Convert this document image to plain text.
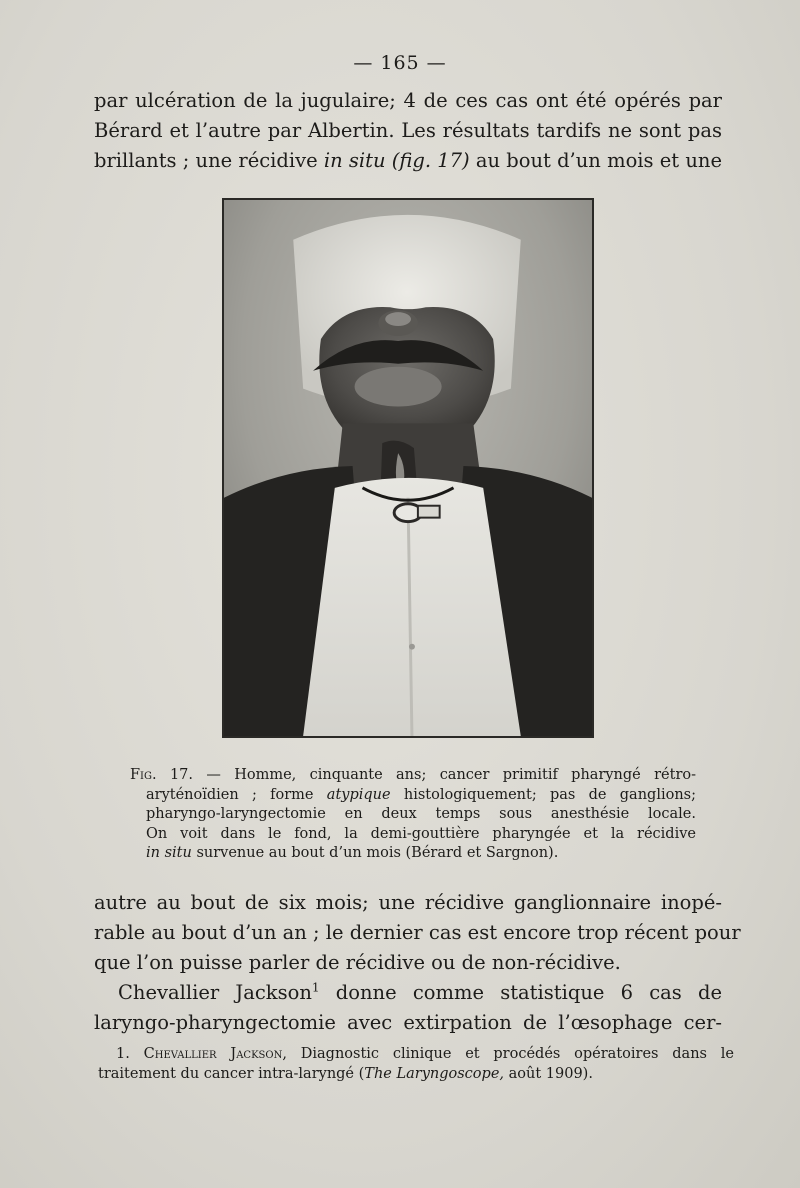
— 165 —
par ulcération de la jugulaire; 4 de ces cas ont été opérés par
Bérard et l’autre par Albertin. Les résultats tardifs ne sont pas
brillants ; une récidive in situ (fig. 17) au bout d’un mois et une
Fig. 17. — Homme, cinquante ans; cancer primitif pharyngé rétro-
aryténoïdien ; forme atypique histologiquement; pas de ganglions;
pharyngo-laryngectomie en deux temps sous anesthésie locale.
On voit dans le fond, la demi-gouttière pharyngée et la récidive
in situ survenue au bout d’un mois (Bérard et Sargnon).
autre au bout de six mois; une récidive ganglionnaire inopé-
rable au bout d’un an ; le dernier cas est encore trop récent pour
que l’on puisse parler de récidive ou de non-récidive.
Chevallier Jackson$^1$ donne comme statistique 6 cas de
laryngo-pharyngectomie avec extirpation de l’œsophage cer-
1. Chevallier Jackson, Diagnostic clinique et procédés opératoires dans le
traitement du cancer intra-laryngé (The Laryngoscope, août 1909).
